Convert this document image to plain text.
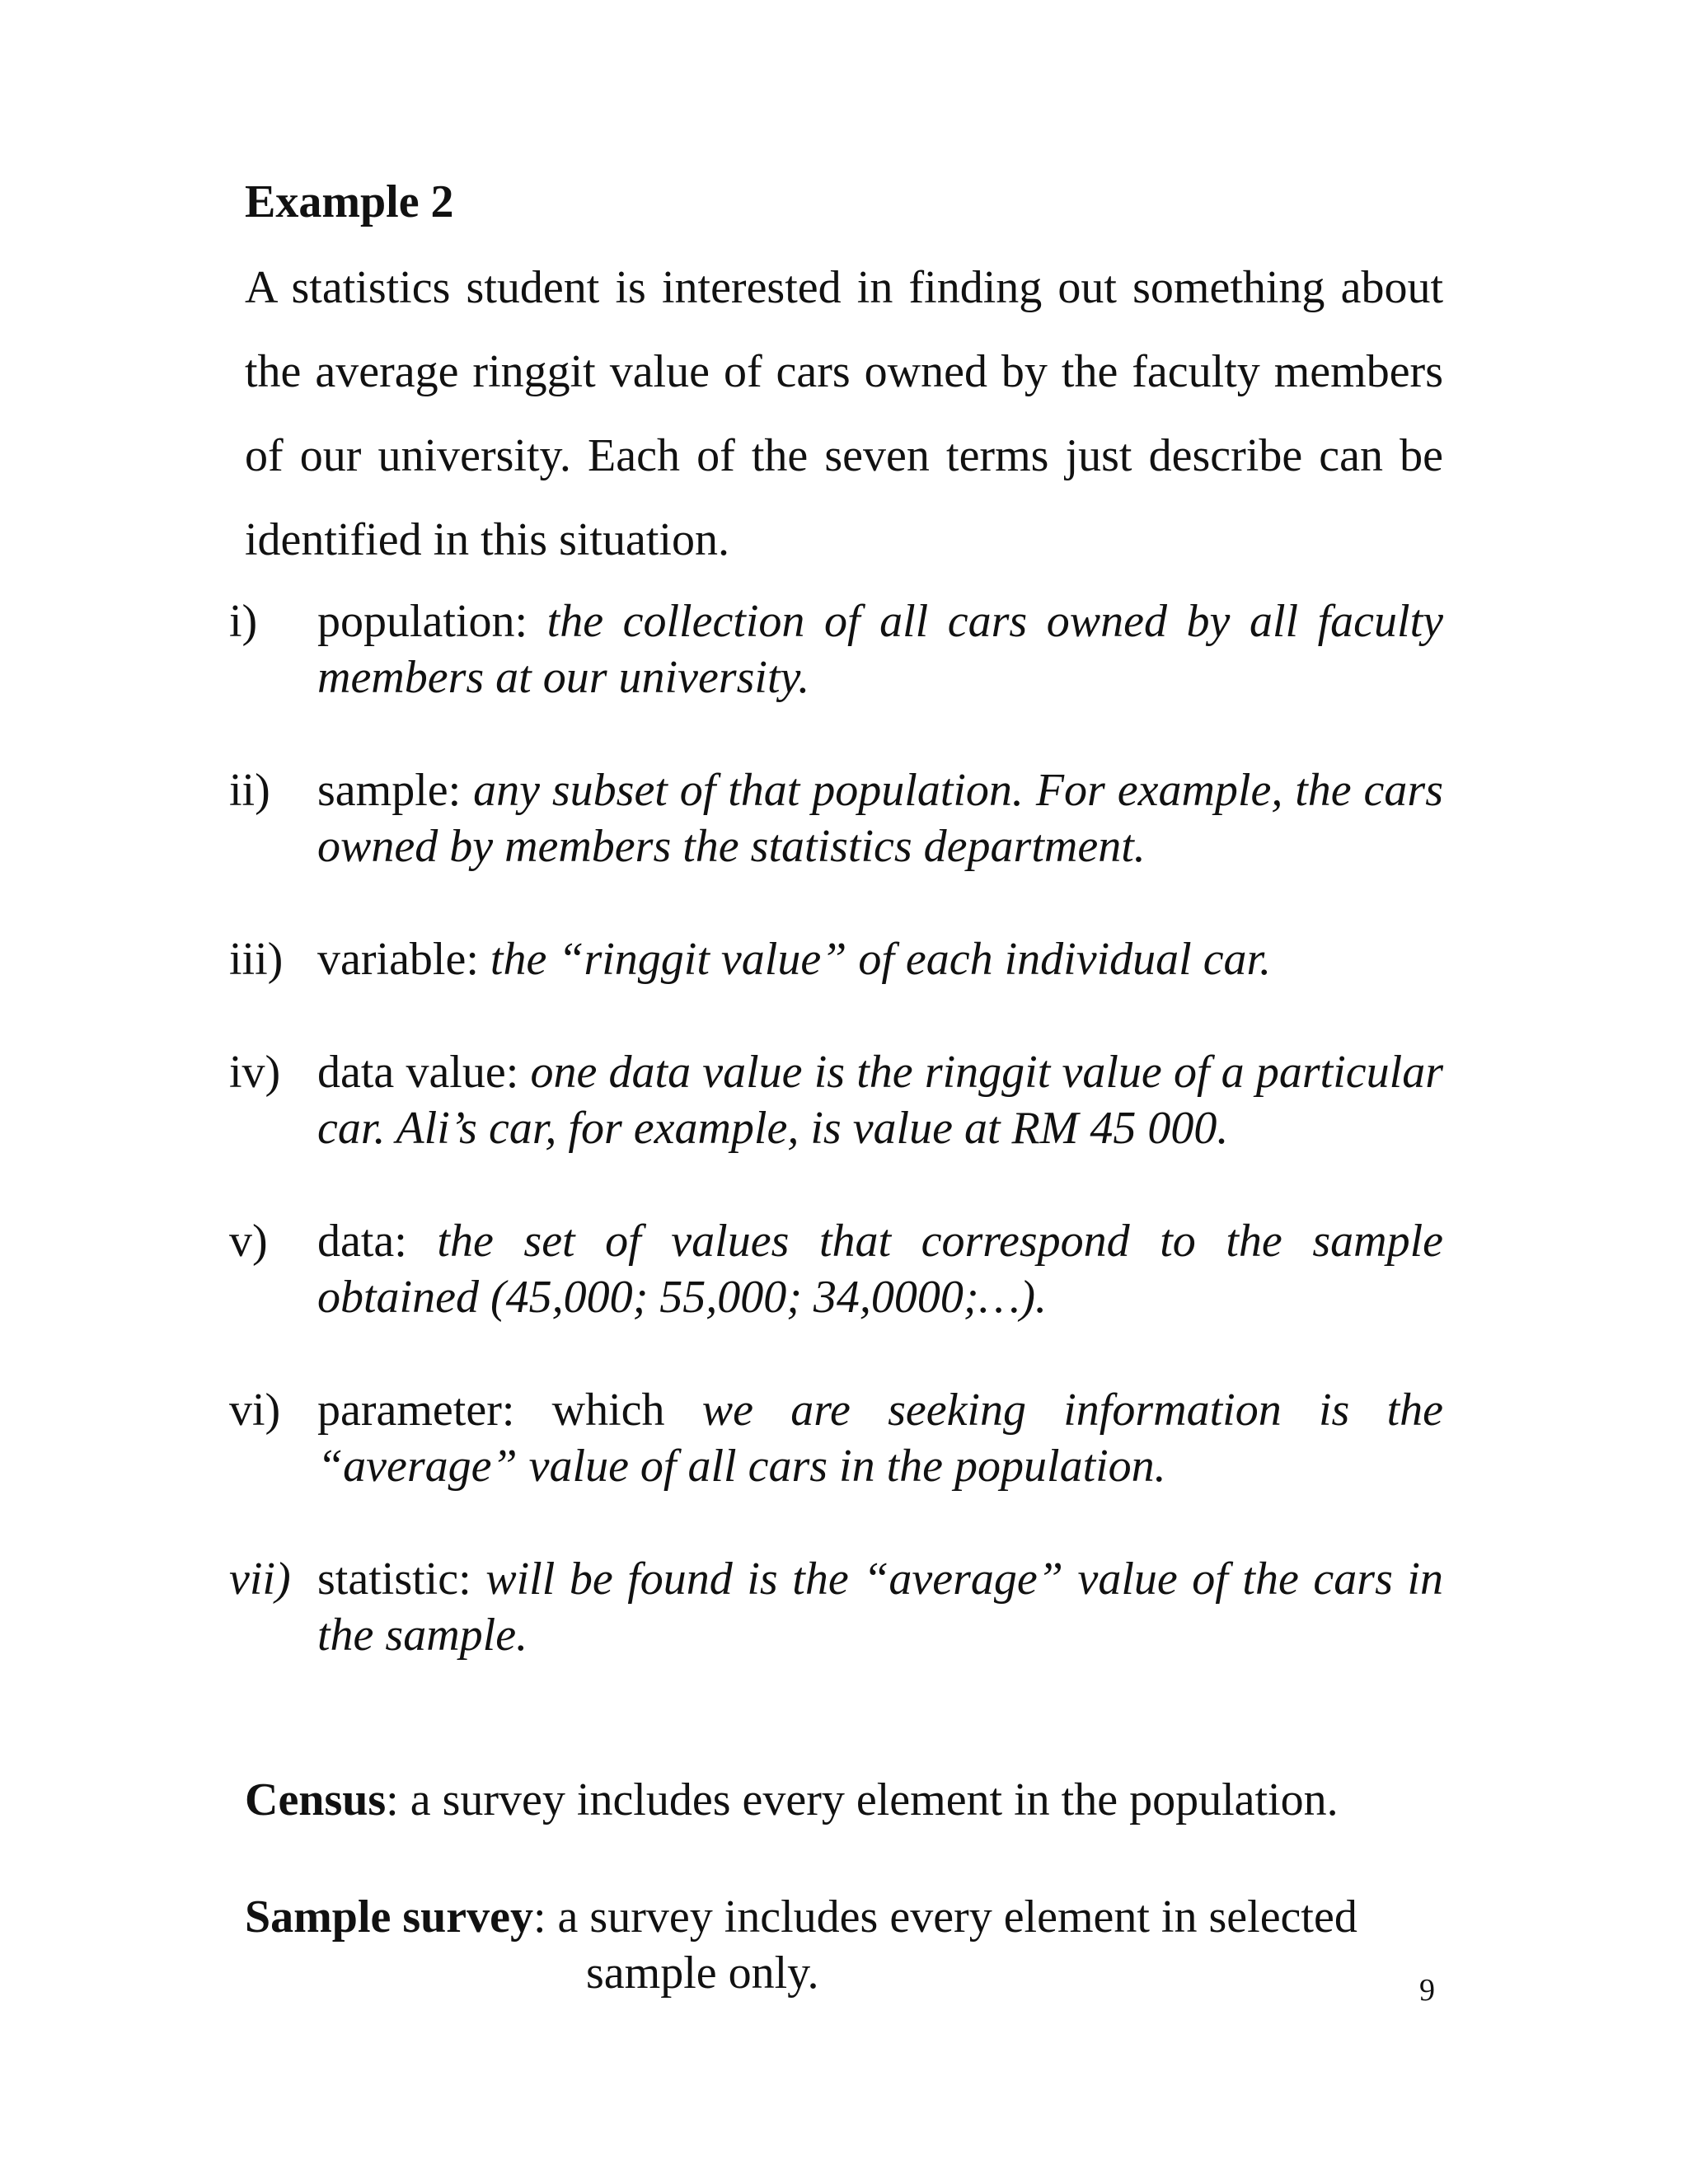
Example 2

A statistics student is interested in finding out something about the average ringgit value of cars owned by the faculty members of our university. Each of the seven terms just describe can be identified in this situation.

i) population: the collection of all cars owned by all faculty members at our university.
ii) sample: any subset of that population. For example, the cars owned by members the statistics department.
iii) variable: the “ringgit value” of each individual car.
iv) data value: one data value is the ringgit value of a particular car. Ali’s car, for example, is value at RM 45 000.
v) data: the set of values that correspond to the sample obtained (45,000; 55,000; 34,0000;…).
vi) parameter: which we are seeking information is the “average” value of all cars in the population.
vii) statistic: will be found is the “average” value of the cars in the sample.

Census: a survey includes every element in the population.

Sample survey: a survey includes every element in selected
sample only.	9
